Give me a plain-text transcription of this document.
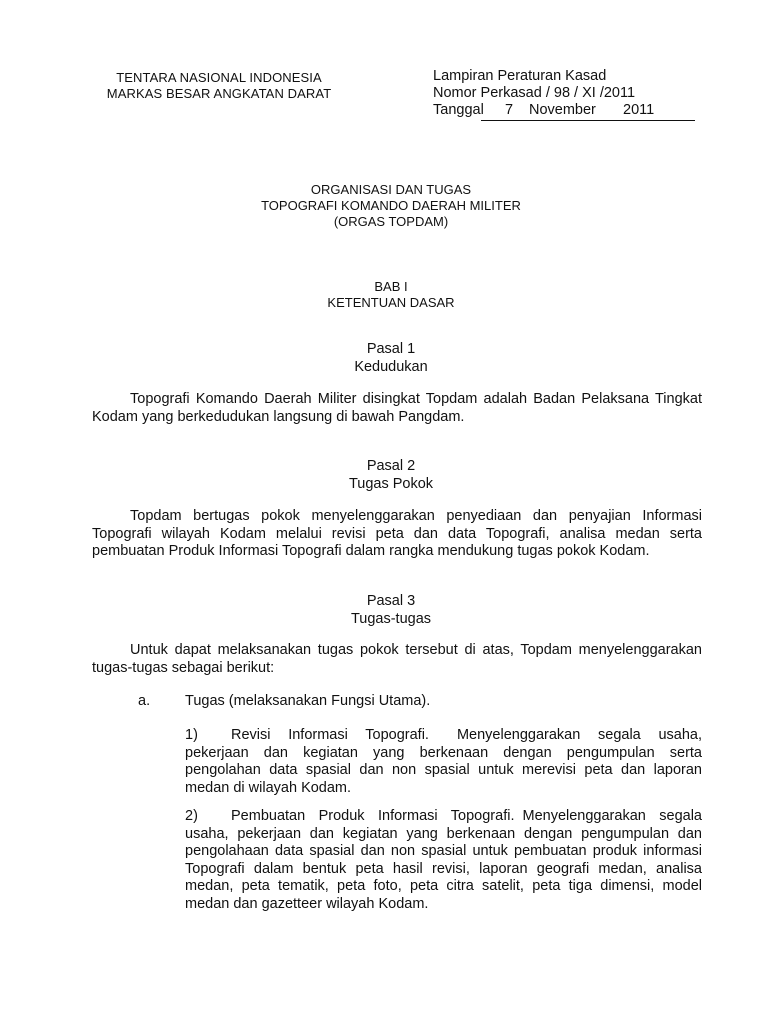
TENTARA NASIONAL INDONESIA
MARKAS BESAR ANGKATAN DARAT
Lampiran Peraturan Kasad
Nomor Perkasad / 98 / XI /2011
Tanggal 7 November 2011
ORGANISASI DAN TUGAS
TOPOGRAFI KOMANDO DAERAH MILITER
(ORGAS TOPDAM)
BAB I
KETENTUAN DASAR
Pasal 1
Kedudukan

Topografi Komando Daerah Militer disingkat Topdam adalah Badan Pelaksana Tingkat Kodam yang berkedudukan langsung di bawah Pangdam.

Pasal 2
Tugas Pokok

Topdam bertugas pokok menyelenggarakan penyediaan dan penyajian Informasi Topografi wilayah Kodam melalui revisi peta dan data Topografi, analisa medan serta pembuatan Produk Informasi Topografi dalam rangka mendukung tugas pokok Kodam.

Pasal 3
Tugas-tugas

Untuk dapat melaksanakan tugas pokok tersebut di atas, Topdam menyelenggarakan tugas-tugas sebagai berikut:

a. Tugas (melaksanakan Fungsi Utama).

1) Revisi Informasi Topografi. Menyelenggarakan segala usaha, pekerjaan dan kegiatan yang berkenaan dengan pengumpulan serta pengolahan data spasial dan non spasial untuk merevisi peta dan laporan medan di wilayah Kodam.

2) Pembuatan Produk Informasi Topografi. Menyelenggarakan segala usaha, pekerjaan dan kegiatan yang berkenaan dengan pengumpulan dan pengolahaan data spasial dan non spasial untuk pembuatan produk informasi Topografi dalam bentuk peta hasil revisi, laporan geografi medan, analisa medan, peta tematik, peta foto, peta citra satelit, peta tiga dimensi, model medan dan gazetteer wilayah Kodam.
